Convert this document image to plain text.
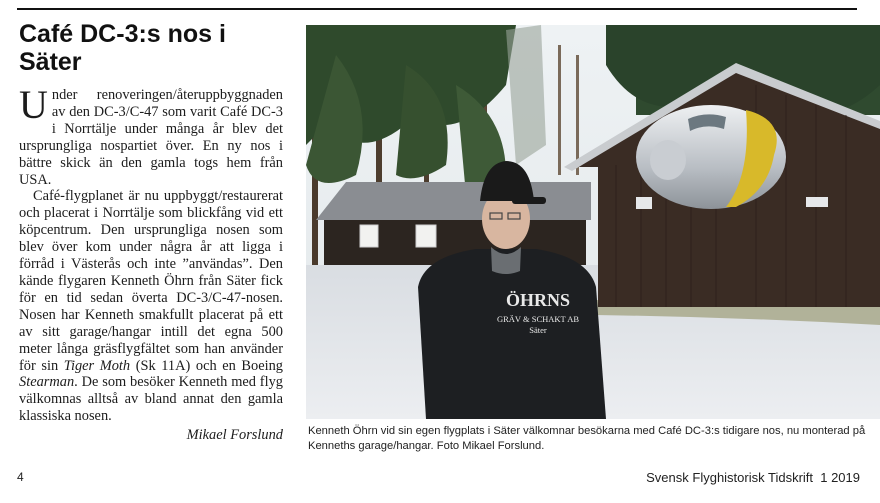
Café DC-3:s nos i Säter

Under renoveringen/återuppbyggnaden av den DC-3/C-47 som varit Café DC-3 i Norrtälje under många år blev det ursprungliga nospartiet över. En ny nos i bättre skick än den gamla togs hem från USA.

Café-flygplanet är nu uppbyggt/restaurerat och placerat i Norrtälje som blickfång vid ett köpcentrum. Den ursprungliga nosen som blev över kom under några år att ligga i förråd i Västerås och inte ”användas”. Den kände flygaren Kenneth Öhrn från Säter fick för en tid sedan överta DC-3/C-47-nosen. Nosen har Kenneth smakfullt placerat på ett av sitt garage/hangar intill det egna 500 meter långa gräsflygfältet som han använder för sin Tiger Moth (Sk 11A) och en Boeing Stearman. De som besöker Kenneth med flyg välkomnas alltså av bland annat den gamla klassiska nosen.

Mikael Forslund

ÖHRNS
GRÄV & SCHAKT AB
Säter
Kenneth Öhrn vid sin egen flygplats i Säter välkomnar besökarna med Café DC-3:s tidigare nos, nu monterad på Kenneths garage/hangar. Foto Mikael Forslund.
4	Svensk Flyghistorisk Tidskrift  1 2019
